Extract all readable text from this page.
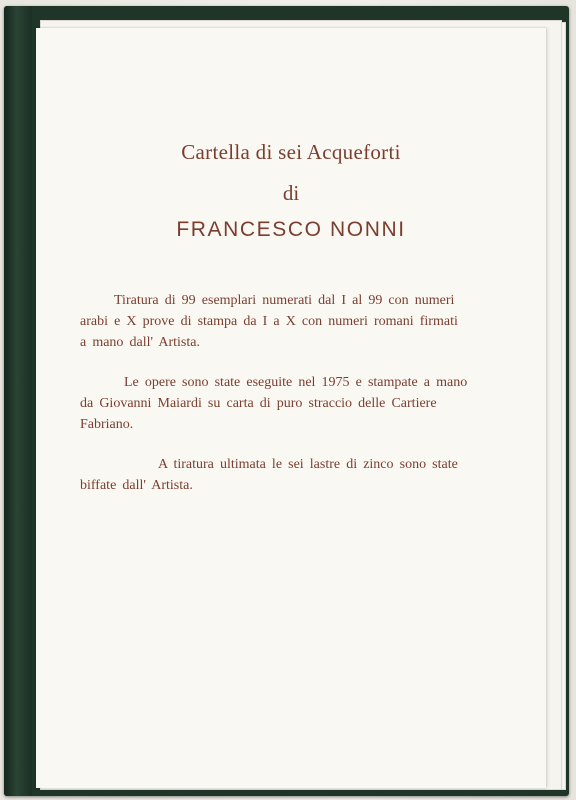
Cartella di sei Acqueforti
di
FRANCESCO NONNI

Tiratura di 99 esemplari numerati dal I al 99 con numeri
arabi e X prove di stampa da I a X con numeri romani firmati
a mano dall' Artista.

Le opere sono state eseguite nel 1975 e stampate a mano
da Giovanni Maiardi su carta di puro straccio delle Cartiere
Fabriano.

A tiratura ultimata le sei lastre di zinco sono state
biffate dall' Artista.
